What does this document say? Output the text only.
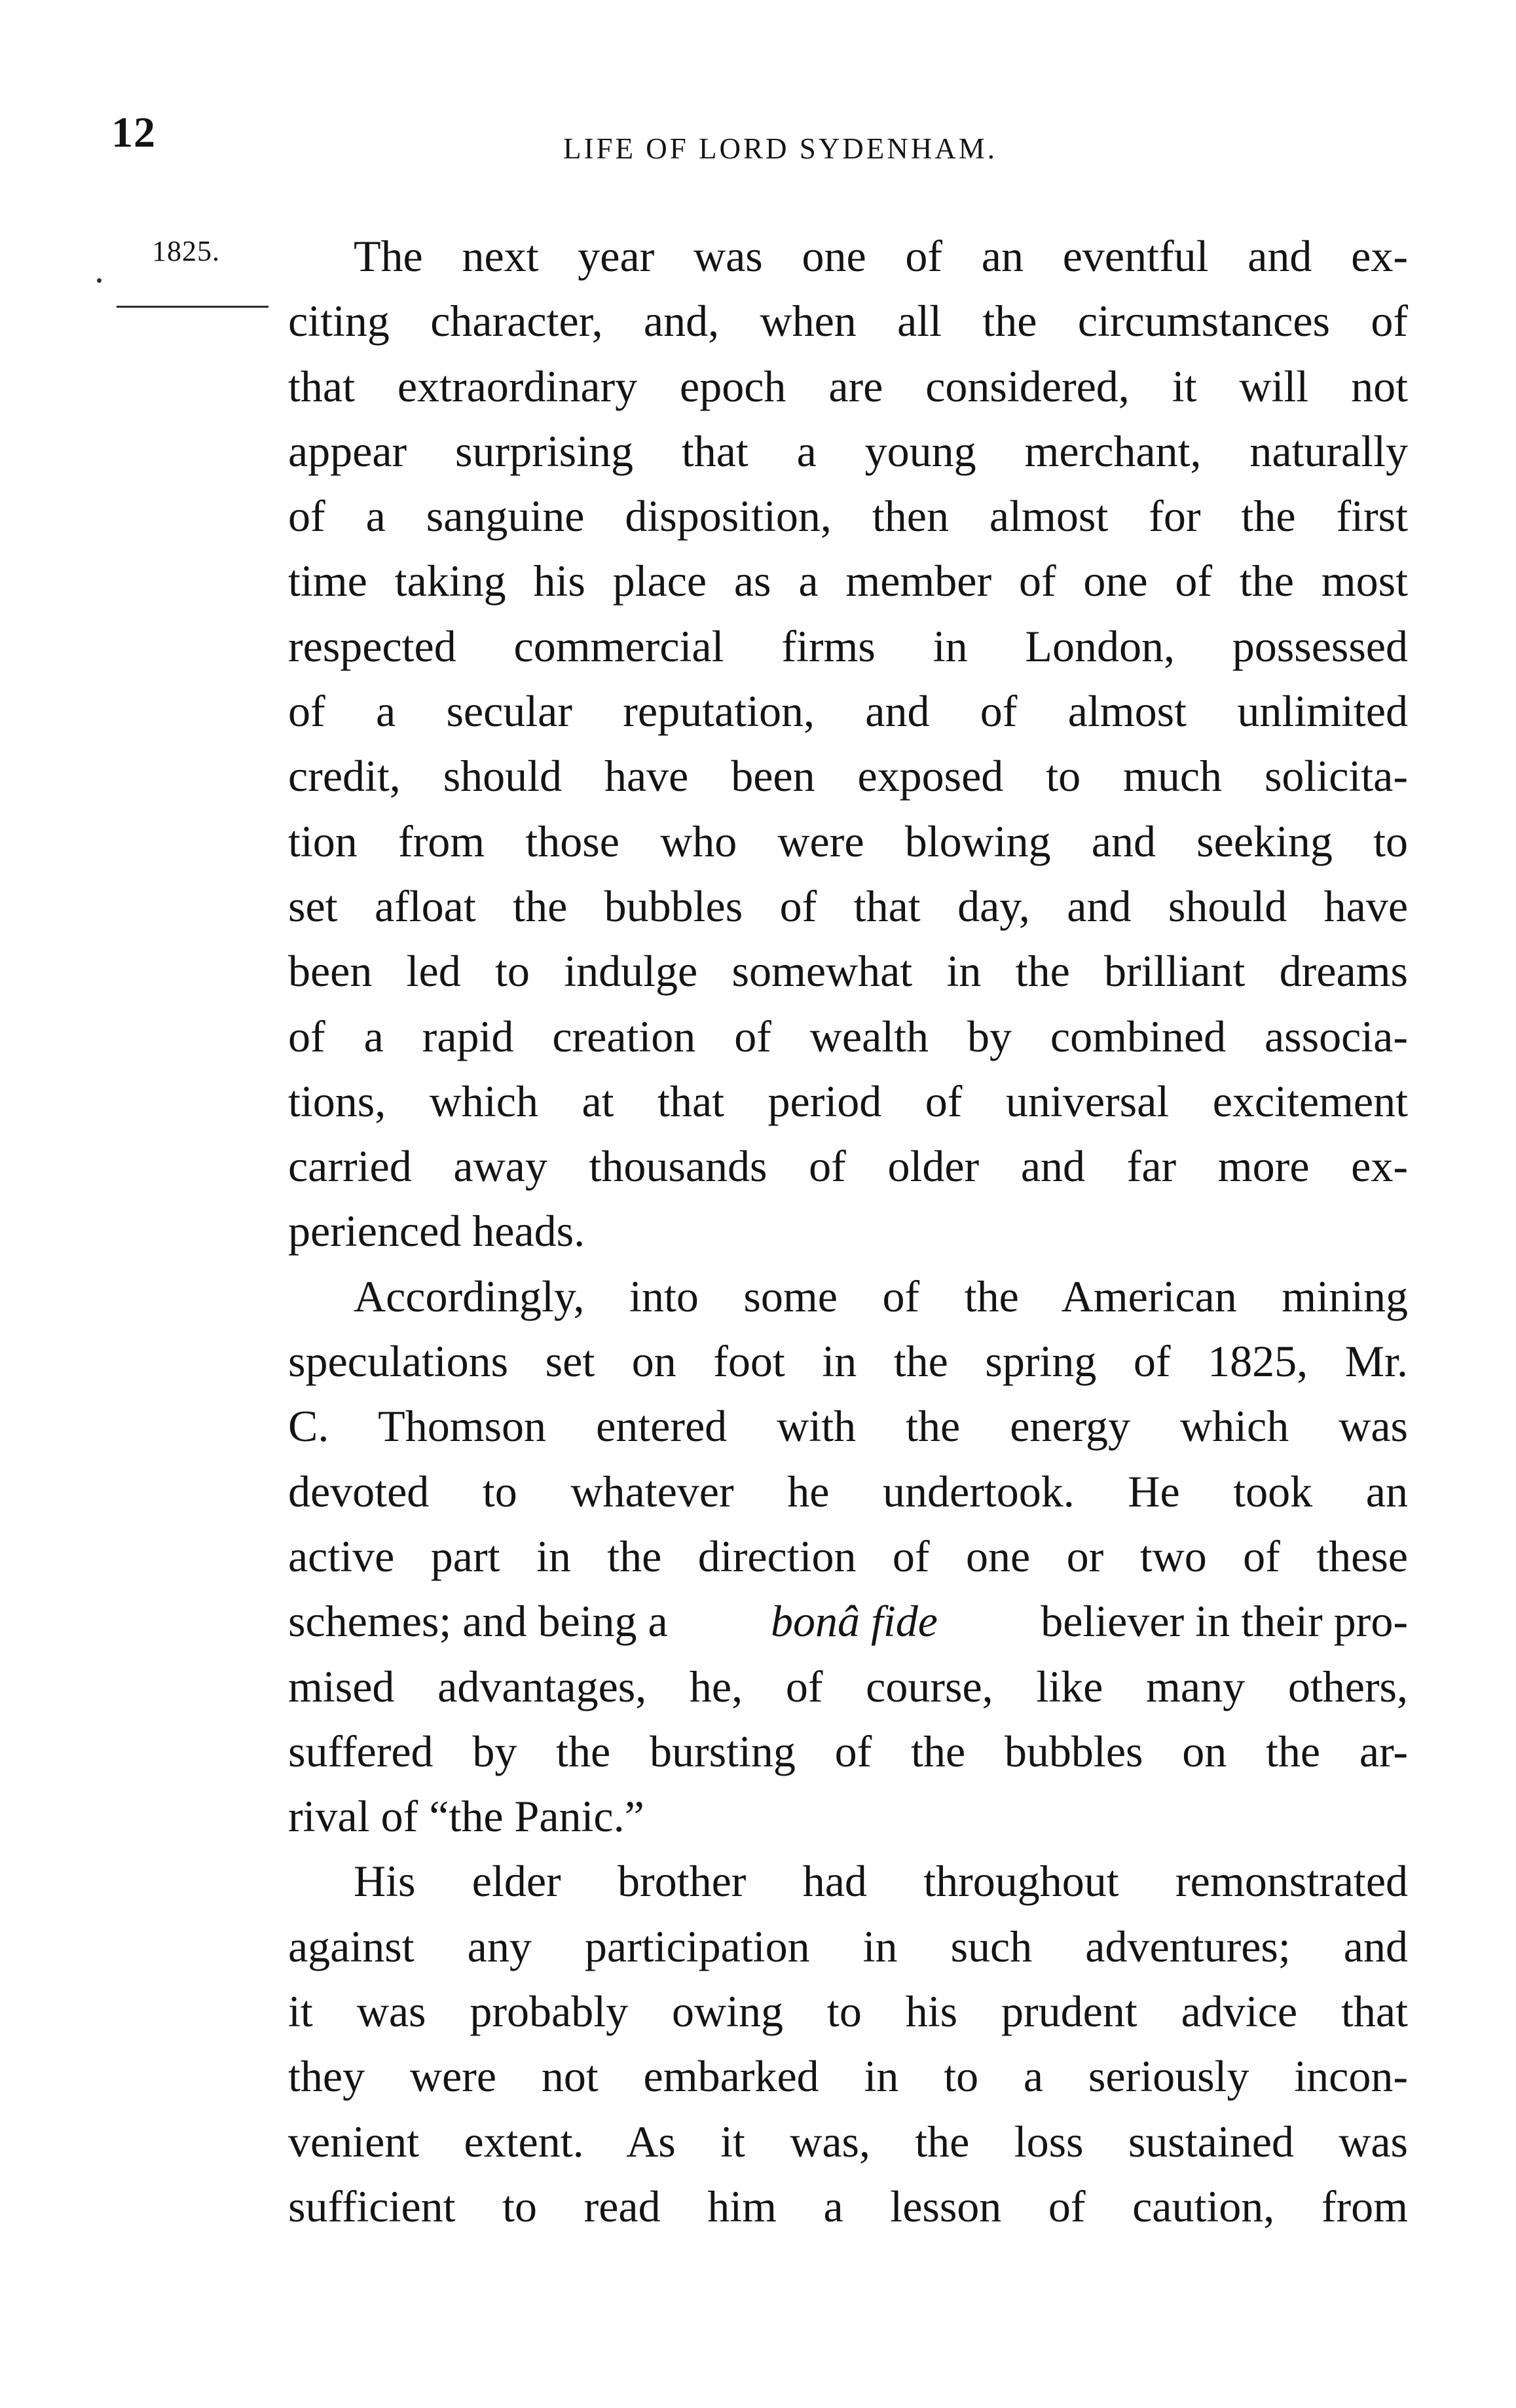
12	LIFE OF LORD SYDENHAM.
1825.	The next year was one of an eventful and ex-
citing character, and, when all the circumstances of
that extraordinary epoch are considered, it will not
appear surprising that a young merchant, naturally
of a sanguine disposition, then almost for the first
time taking his place as a member of one of the most
respected commercial firms in London, possessed
of a secular reputation, and of almost unlimited
credit, should have been exposed to much solicita-
tion from those who were blowing and seeking to
set afloat the bubbles of that day, and should have
been led to indulge somewhat in the brilliant dreams
of a rapid creation of wealth by combined associa-
tions, which at that period of universal excitement
carried away thousands of older and far more ex-
perienced heads.
Accordingly, into some of the American mining
speculations set on foot in the spring of 1825, Mr.
C. Thomson entered with the energy which was
devoted to whatever he undertook. He took an
active part in the direction of one or two of these
schemes; and being a bonâ fide believer in their pro-
mised advantages, he, of course, like many others,
suffered by the bursting of the bubbles on the ar-
rival of “the Panic.”
His elder brother had throughout remonstrated
against any participation in such adventures; and
it was probably owing to his prudent advice that
they were not embarked in to a seriously incon-
venient extent. As it was, the loss sustained was
sufficient to read him a lesson of caution, from
